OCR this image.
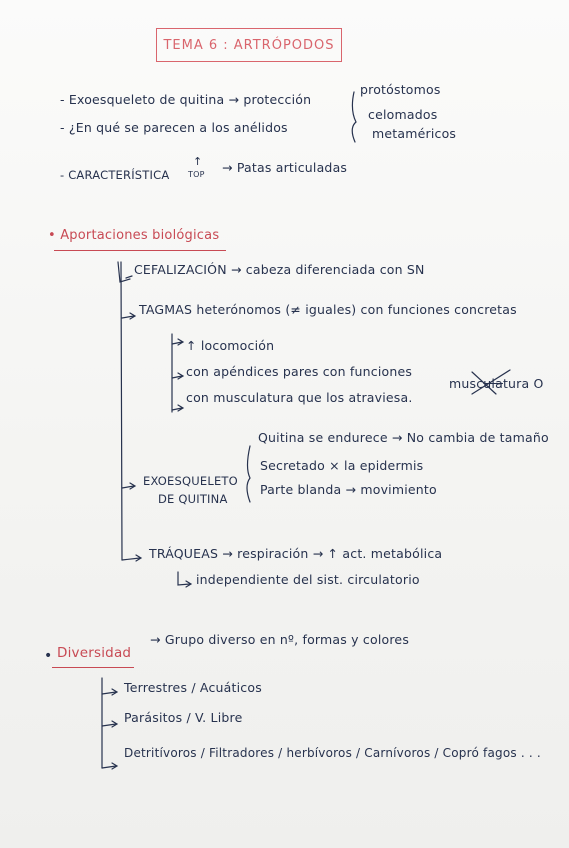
TEMA 6 : ARTRÓPODOS
- Exoesqueleto de quitina → protección
- ¿En qué se parecen a los anélidos
protóstomos
celomados
metaméricos
- CARACTERÍSTICA
↑
TOP → Patas articuladas
• Aportaciones biológicas
CEFALIZACIÓN → cabeza diferenciada con SN
TAGMAS heterónomos (≠ iguales) con funciones concretas
↑ locomoción
con apéndices pares con funciones
con musculatura que los atraviesa.
musculatura O
EXOESQUELETO
DE QUITINA
Quitina se endurece → No cambia de tamaño
Secretado × la epidermis
Parte blanda → movimiento
TRÁQUEAS → respiración → ↑ act. metabólica
independiente del sist. circulatorio
• Diversidad
→ Grupo diverso en nº, formas y colores
Terrestres / Acuáticos
Parásitos / V. Libre
Detritívoros / Filtradores / herbívoros / Carnívoros / Copró fagos . . .
